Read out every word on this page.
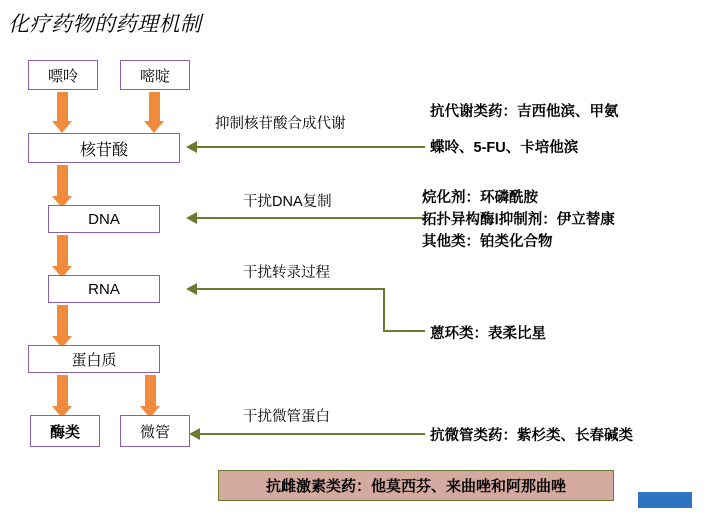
化疗药物的药理机制
嘌呤	嘧啶
核苷酸
DNA
RNA
蛋白质
酶类	微管
抑制核苷酸合成代谢
干扰DNA复制
干扰转录过程
干扰微管蛋白
抗代谢类药：吉西他滨、甲氨
蝶呤、5-FU、卡培他滨
烷化剂：环磷酰胺
拓扑异构酶Ⅰ抑制剂：伊立替康
其他类：铂类化合物
蒽环类：表柔比星
抗微管类药：紫杉类、长春碱类
抗雌激素类药：他莫西芬、来曲唑和阿那曲唑
